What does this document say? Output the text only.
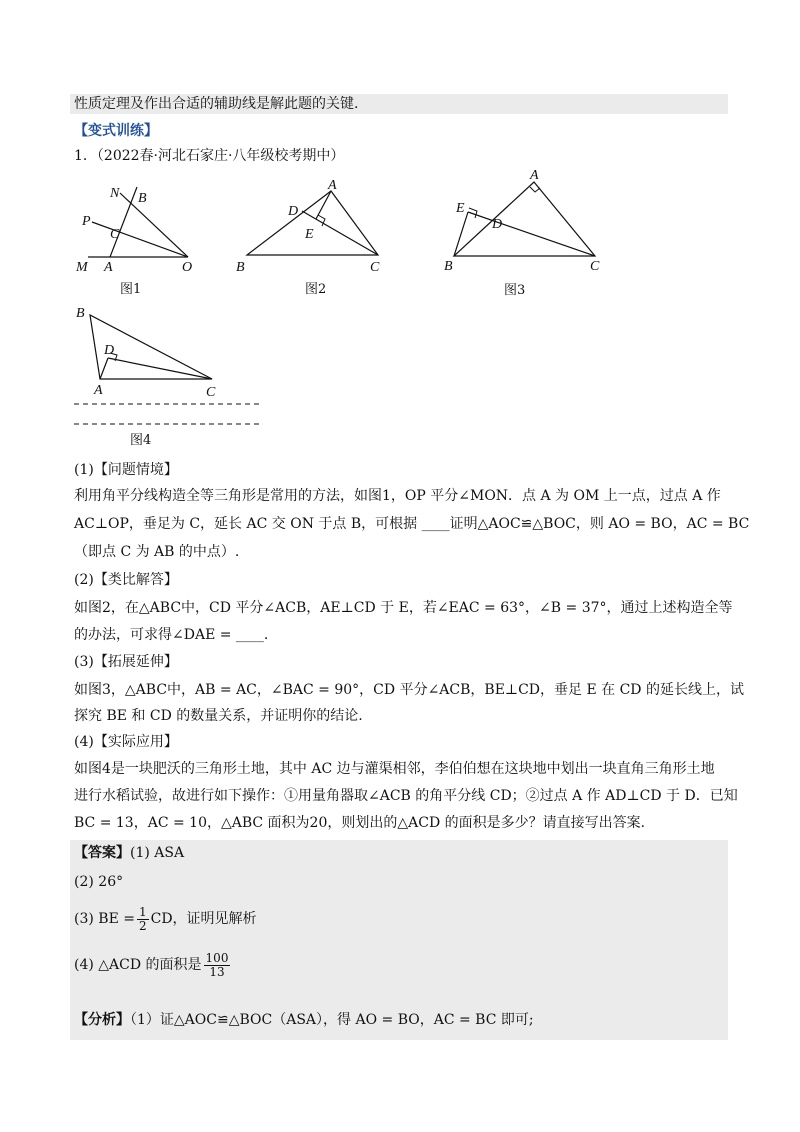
性质定理及作出合适的辅助线是解此题的关键.
【变式训练】
1．（2022春·河北石家庄·八年级校考期中）
N B
P
C
M A	O
图1
A
D
E
B	C
图2
A
E
D
B	C
图3
B
D
A	C
图4
(1)【问题情境】
利用角平分线构造全等三角形是常用的方法，如图1，OP 平分∠MON．点 A 为 OM 上一点，过点 A 作
AC⊥OP，垂足为 C，延长 AC 交 ON 于点 B，可根据 ____证明△AOC≌△BOC，则 AO = BO，AC = BC
（即点 C 为 AB 的中点）.
(2)【类比解答】
如图2，在△ABC中，CD 平分∠ACB，AE⊥CD 于 E，若∠EAC = 63°，∠B = 37°，通过上述构造全等
的办法，可求得∠DAE = ____.
(3)【拓展延伸】
如图3，△ABC中，AB = AC，∠BAC = 90°，CD 平分∠ACB，BE⊥CD，垂足 E 在 CD 的延长线上，试
探究 BE 和 CD 的数量关系，并证明你的结论.
(4)【实际应用】
如图4是一块肥沃的三角形土地，其中 AC 边与灌渠相邻，李伯伯想在这块地中划出一块直角三角形土地
进行水稻试验，故进行如下操作：①用量角器取∠ACB 的角平分线 CD；②过点 A 作 AD⊥CD 于 D．已知
BC = 13，AC = 10，△ABC 面积为20，则划出的△ACD 的面积是多少？请直接写出答案.
【答案】(1) ASA
(2) 26°
(3) BE = $\frac{1}{2}$ CD，证明见解析
(4) △ACD 的面积是 $\frac{100}{13}$
【分析】（1）证△AOC≌△BOC（ASA），得 AO = BO，AC = BC 即可;
